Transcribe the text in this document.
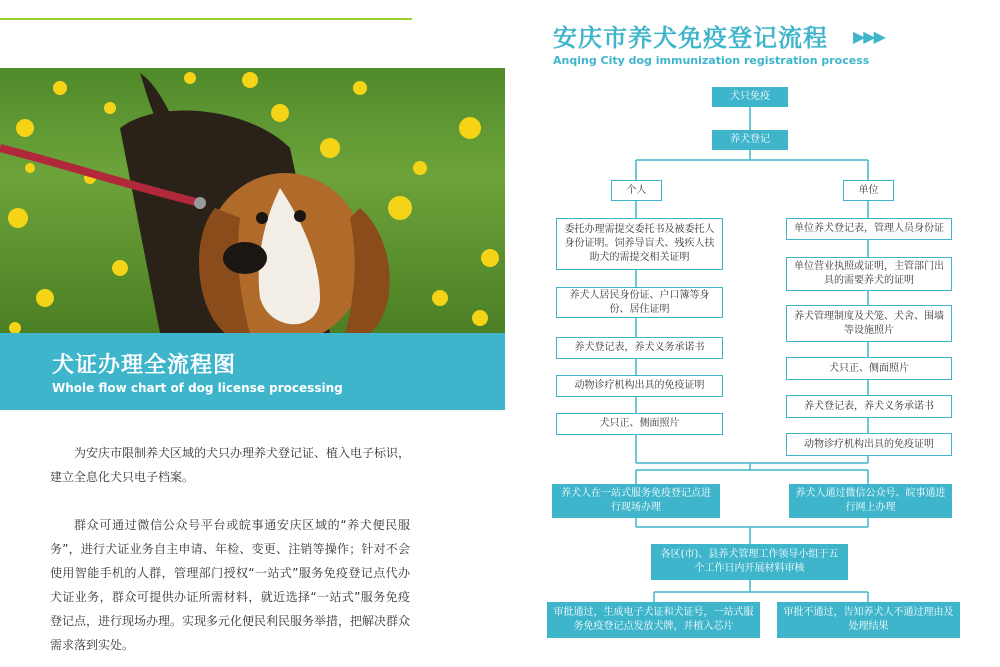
犬证办理全流程图
Whole flow chart of dog license processing
为安庆市限制养犬区域的犬只办理养犬登记证、植入电子标识，建立全息化犬只电子档案。
群众可通过微信公众号平台或皖事通安庆区域的“养犬便民服务”，进行犬证业务自主申请、年检、变更、注销等操作；针对不会使用智能手机的人群，管理部门授权“一站式”服务免疫登记点代办犬证业务，群众可提供办证所需材料，就近选择“一站式”服务免疫登记点，进行现场办理。实现多元化便民利民服务举措，把解决群众需求落到实处。
安庆市养犬免疫登记流程 ▶▶▶
Anqing City dog immunization registration process
犬只免疫
养犬登记
个人	单位
委托办理需提交委托书及被委托人身份证明。饲养导盲犬、残疾人扶助犬的需提交相关证明
养犬人居民身份证、户口簿等身份、居住证明
养犬登记表，养犬义务承诺书
动物诊疗机构出具的免疫证明
犬只正、侧面照片
单位养犬登记表，管理人员身份证
单位营业执照或证明，主管部门出具的需要养犬的证明
养犬管理制度及犬笼、犬舍、围墙等设施照片
犬只正、侧面照片
养犬登记表，养犬义务承诺书
动物诊疗机构出具的免疫证明
养犬人在一站式服务免疫登记点进行现场办理
养犬人通过微信公众号、皖事通进行网上办理
各区(市)、县养犬管理工作领导小组于五个工作日内开展材料审核
审批通过，生成电子犬证和犬证号，一站式服务免疫登记点发放犬牌，并植入芯片
审批不通过，告知养犬人不通过理由及处理结果
